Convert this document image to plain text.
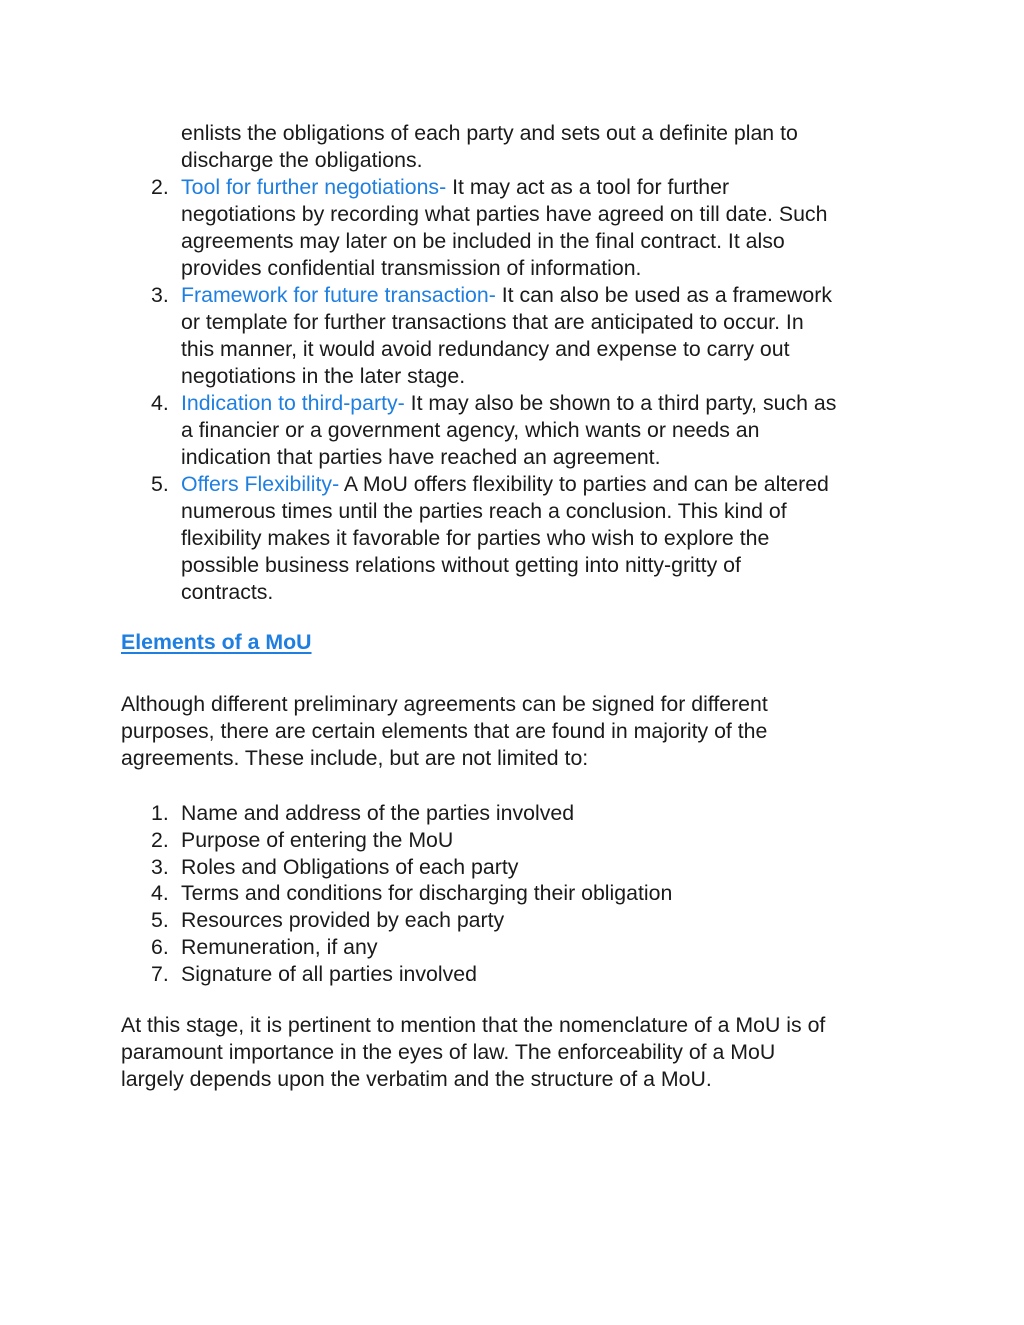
enlists the obligations of each party and sets out a definite plan to
discharge the obligations.
2. Tool for further negotiations- It may act as a tool for further
negotiations by recording what parties have agreed on till date. Such
agreements may later on be included in the final contract. It also
provides confidential transmission of information.
3. Framework for future transaction- It can also be used as a framework
or template for further transactions that are anticipated to occur. In
this manner, it would avoid redundancy and expense to carry out
negotiations in the later stage.
4. Indication to third-party- It may also be shown to a third party, such as
a financier or a government agency, which wants or needs an
indication that parties have reached an agreement.
5. Offers Flexibility- A MoU offers flexibility to parties and can be altered
numerous times until the parties reach a conclusion. This kind of
flexibility makes it favorable for parties who wish to explore the
possible business relations without getting into nitty-gritty of
contracts.
Elements of a MoU
Although different preliminary agreements can be signed for different
purposes, there are certain elements that are found in majority of the
agreements. These include, but are not limited to:
1. Name and address of the parties involved
2. Purpose of entering the MoU
3. Roles and Obligations of each party
4. Terms and conditions for discharging their obligation
5. Resources provided by each party
6. Remuneration, if any
7. Signature of all parties involved
At this stage, it is pertinent to mention that the nomenclature of a MoU is of
paramount importance in the eyes of law. The enforceability of a MoU
largely depends upon the verbatim and the structure of a MoU.
